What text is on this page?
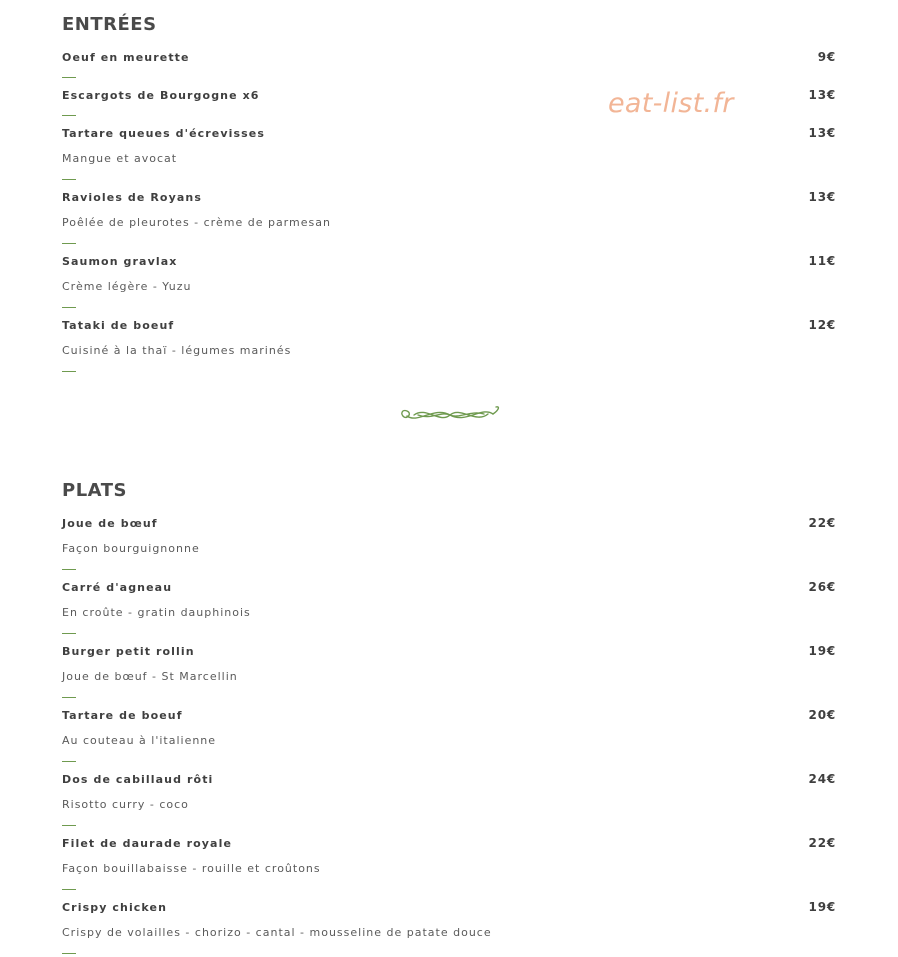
eat-list.fr
ENTRÉES
Oeuf en meurette	9€
Escargots de Bourgogne x6	13€
Tartare queues d'écrevisses	13€
Mangue et avocat
Ravioles de Royans	13€
Poêlée de pleurotes - crème de parmesan
Saumon gravlax	11€
Crème légère - Yuzu
Tataki de boeuf	12€
Cuisiné à la thaï - légumes marinés
PLATS
Joue de bœuf	22€
Façon bourguignonne
Carré d'agneau	26€
En croûte - gratin dauphinois
Burger petit rollin	19€
Joue de bœuf - St Marcellin
Tartare de boeuf	20€
Au couteau à l'italienne
Dos de cabillaud rôti	24€
Risotto curry - coco
Filet de daurade royale	22€
Façon bouillabaisse - rouille et croûtons
Crispy chicken	19€
Crispy de volailles - chorizo - cantal - mousseline de patate douce
